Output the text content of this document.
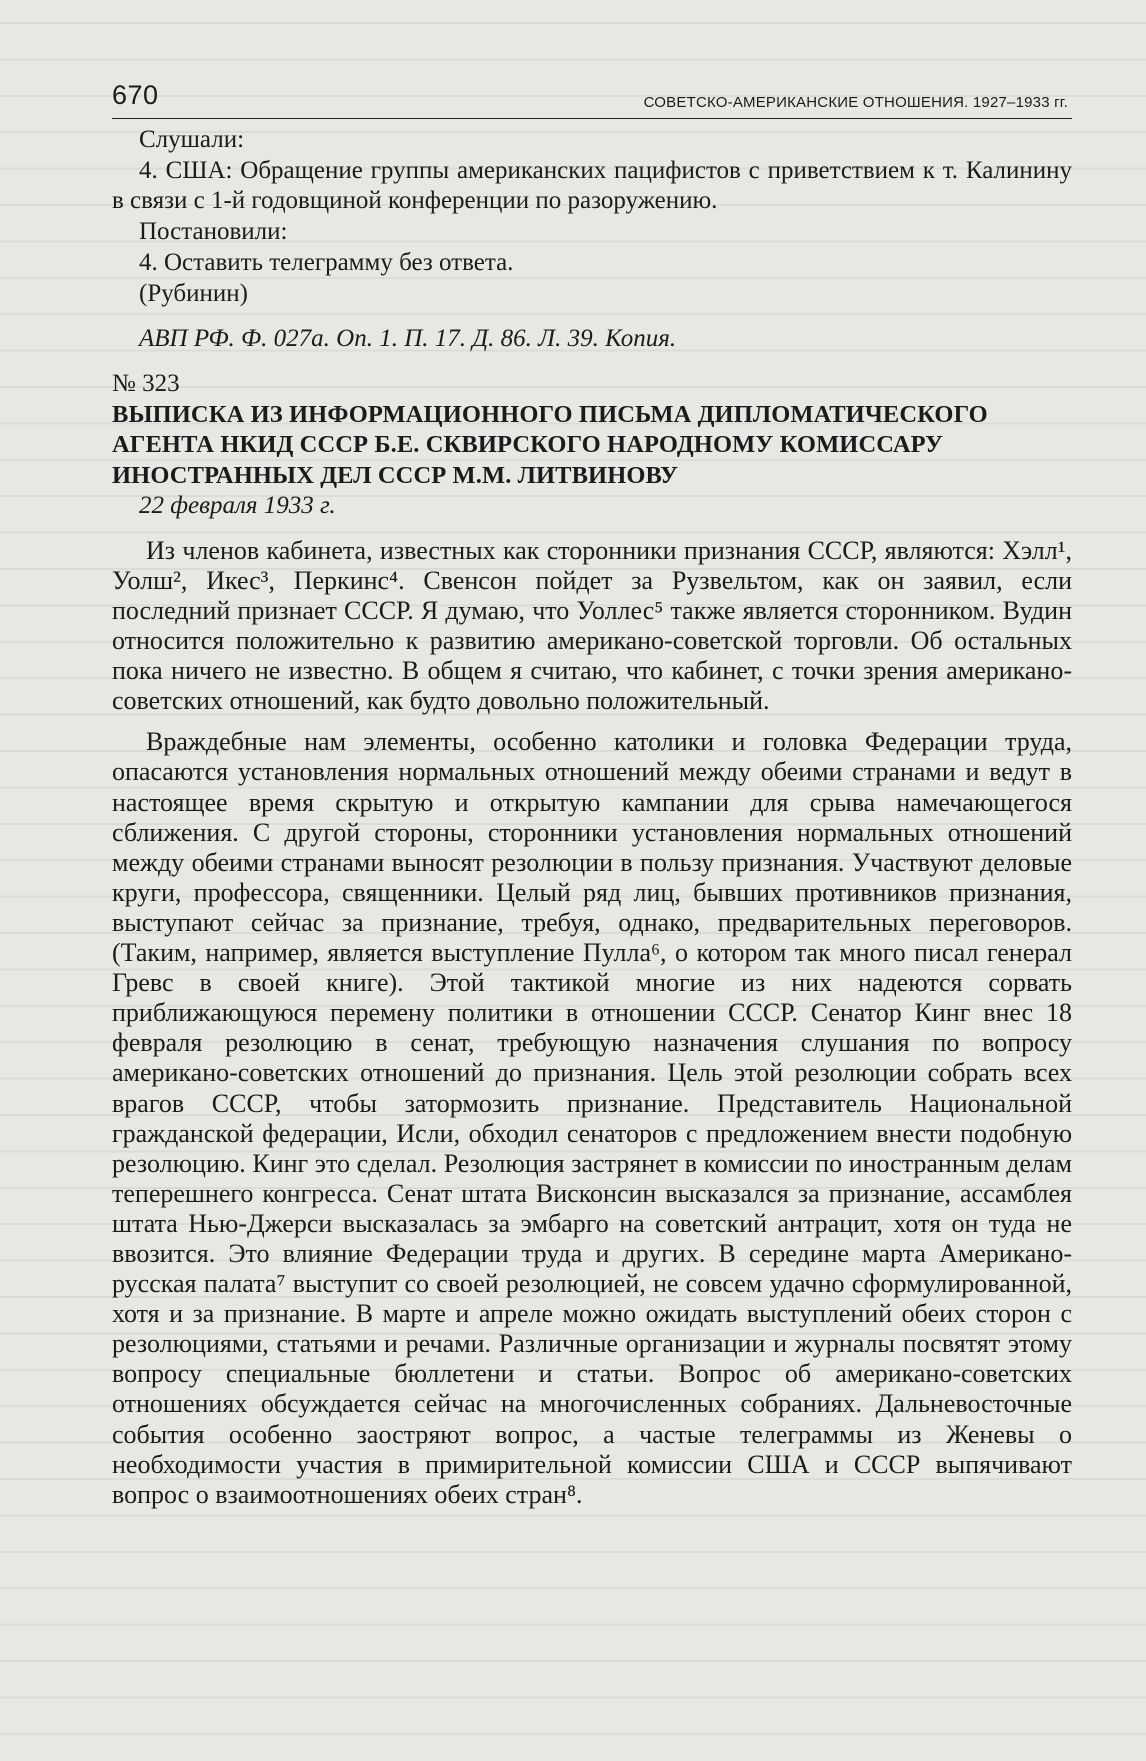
670	СОВЕТСКО-АМЕРИКАНСКИЕ ОТНОШЕНИЯ. 1927–1933 гг.

Слушали:

4. США: Обращение группы американских пацифистов с приветствием к т. Калинину в связи с 1-й годовщиной конференции по разоружению.

Постановили:

4. Оставить телеграмму без ответа.

(Рубинин)

АВП РФ. Ф. 027а. Оп. 1. П. 17. Д. 86. Л. 39. Копия.

№ 323

ВЫПИСКА ИЗ ИНФОРМАЦИОННОГО ПИСЬМА ДИПЛОМАТИЧЕСКОГО АГЕНТА НКИД СССР Б.Е. СКВИРСКОГО НАРОДНОМУ КОМИССАРУ ИНОСТРАННЫХ ДЕЛ СССР М.М. ЛИТВИНОВУ

22 февраля 1933 г.

Из членов кабинета, известных как сторонники признания СССР, являются: Хэлл¹, Уолш², Икес³, Перкинс⁴. Свенсон пойдет за Рузвельтом, как он заявил, если последний признает СССР. Я думаю, что Уоллес⁵ также является сторонником. Вудин относится положительно к развитию американо-советской торговли. Об остальных пока ничего не известно. В общем я считаю, что кабинет, с точки зрения американо-советских отношений, как будто довольно положительный.

Враждебные нам элементы, особенно католики и головка Федерации труда, опасаются установления нормальных отношений между обеими странами и ведут в настоящее время скрытую и открытую кампании для срыва намечающегося сближения. С другой стороны, сторонники установления нормальных отношений между обеими странами выносят резолюции в пользу признания. Участвуют деловые круги, профессора, священники. Целый ряд лиц, бывших противников признания, выступают сейчас за признание, требуя, однако, предварительных переговоров. (Таким, например, является выступление Пулла⁶, о котором так много писал генерал Гревс в своей книге). Этой тактикой многие из них надеются сорвать приближающуюся перемену политики в отношении СССР. Сенатор Кинг внес 18 февраля резолюцию в сенат, требующую назначения слушания по вопросу американо-советских отношений до признания. Цель этой резолюции собрать всех врагов СССР, чтобы затормозить признание. Представитель Национальной гражданской федерации, Исли, обходил сенаторов с предложением внести подобную резолюцию. Кинг это сделал. Резолюция застрянет в комиссии по иностранным делам теперешнего конгресса. Сенат штата Висконсин высказался за признание, ассамблея штата Нью-Джерси высказалась за эмбарго на советский антрацит, хотя он туда не ввозится. Это влияние Федерации труда и других. В середине марта Американо-русская палата⁷ выступит со своей резолюцией, не совсем удачно сформулированной, хотя и за признание. В марте и апреле можно ожидать выступлений обеих сторон с резолюциями, статьями и речами. Различные организации и журналы посвятят этому вопросу специальные бюллетени и статьи. Вопрос об американо-советских отношениях обсуждается сейчас на многочисленных собраниях. Дальневосточные события особенно заостряют вопрос, а частые телеграммы из Женевы о необходимости участия в примирительной комиссии США и СССР выпячивают вопрос о взаимоотношениях обеих стран⁸.
